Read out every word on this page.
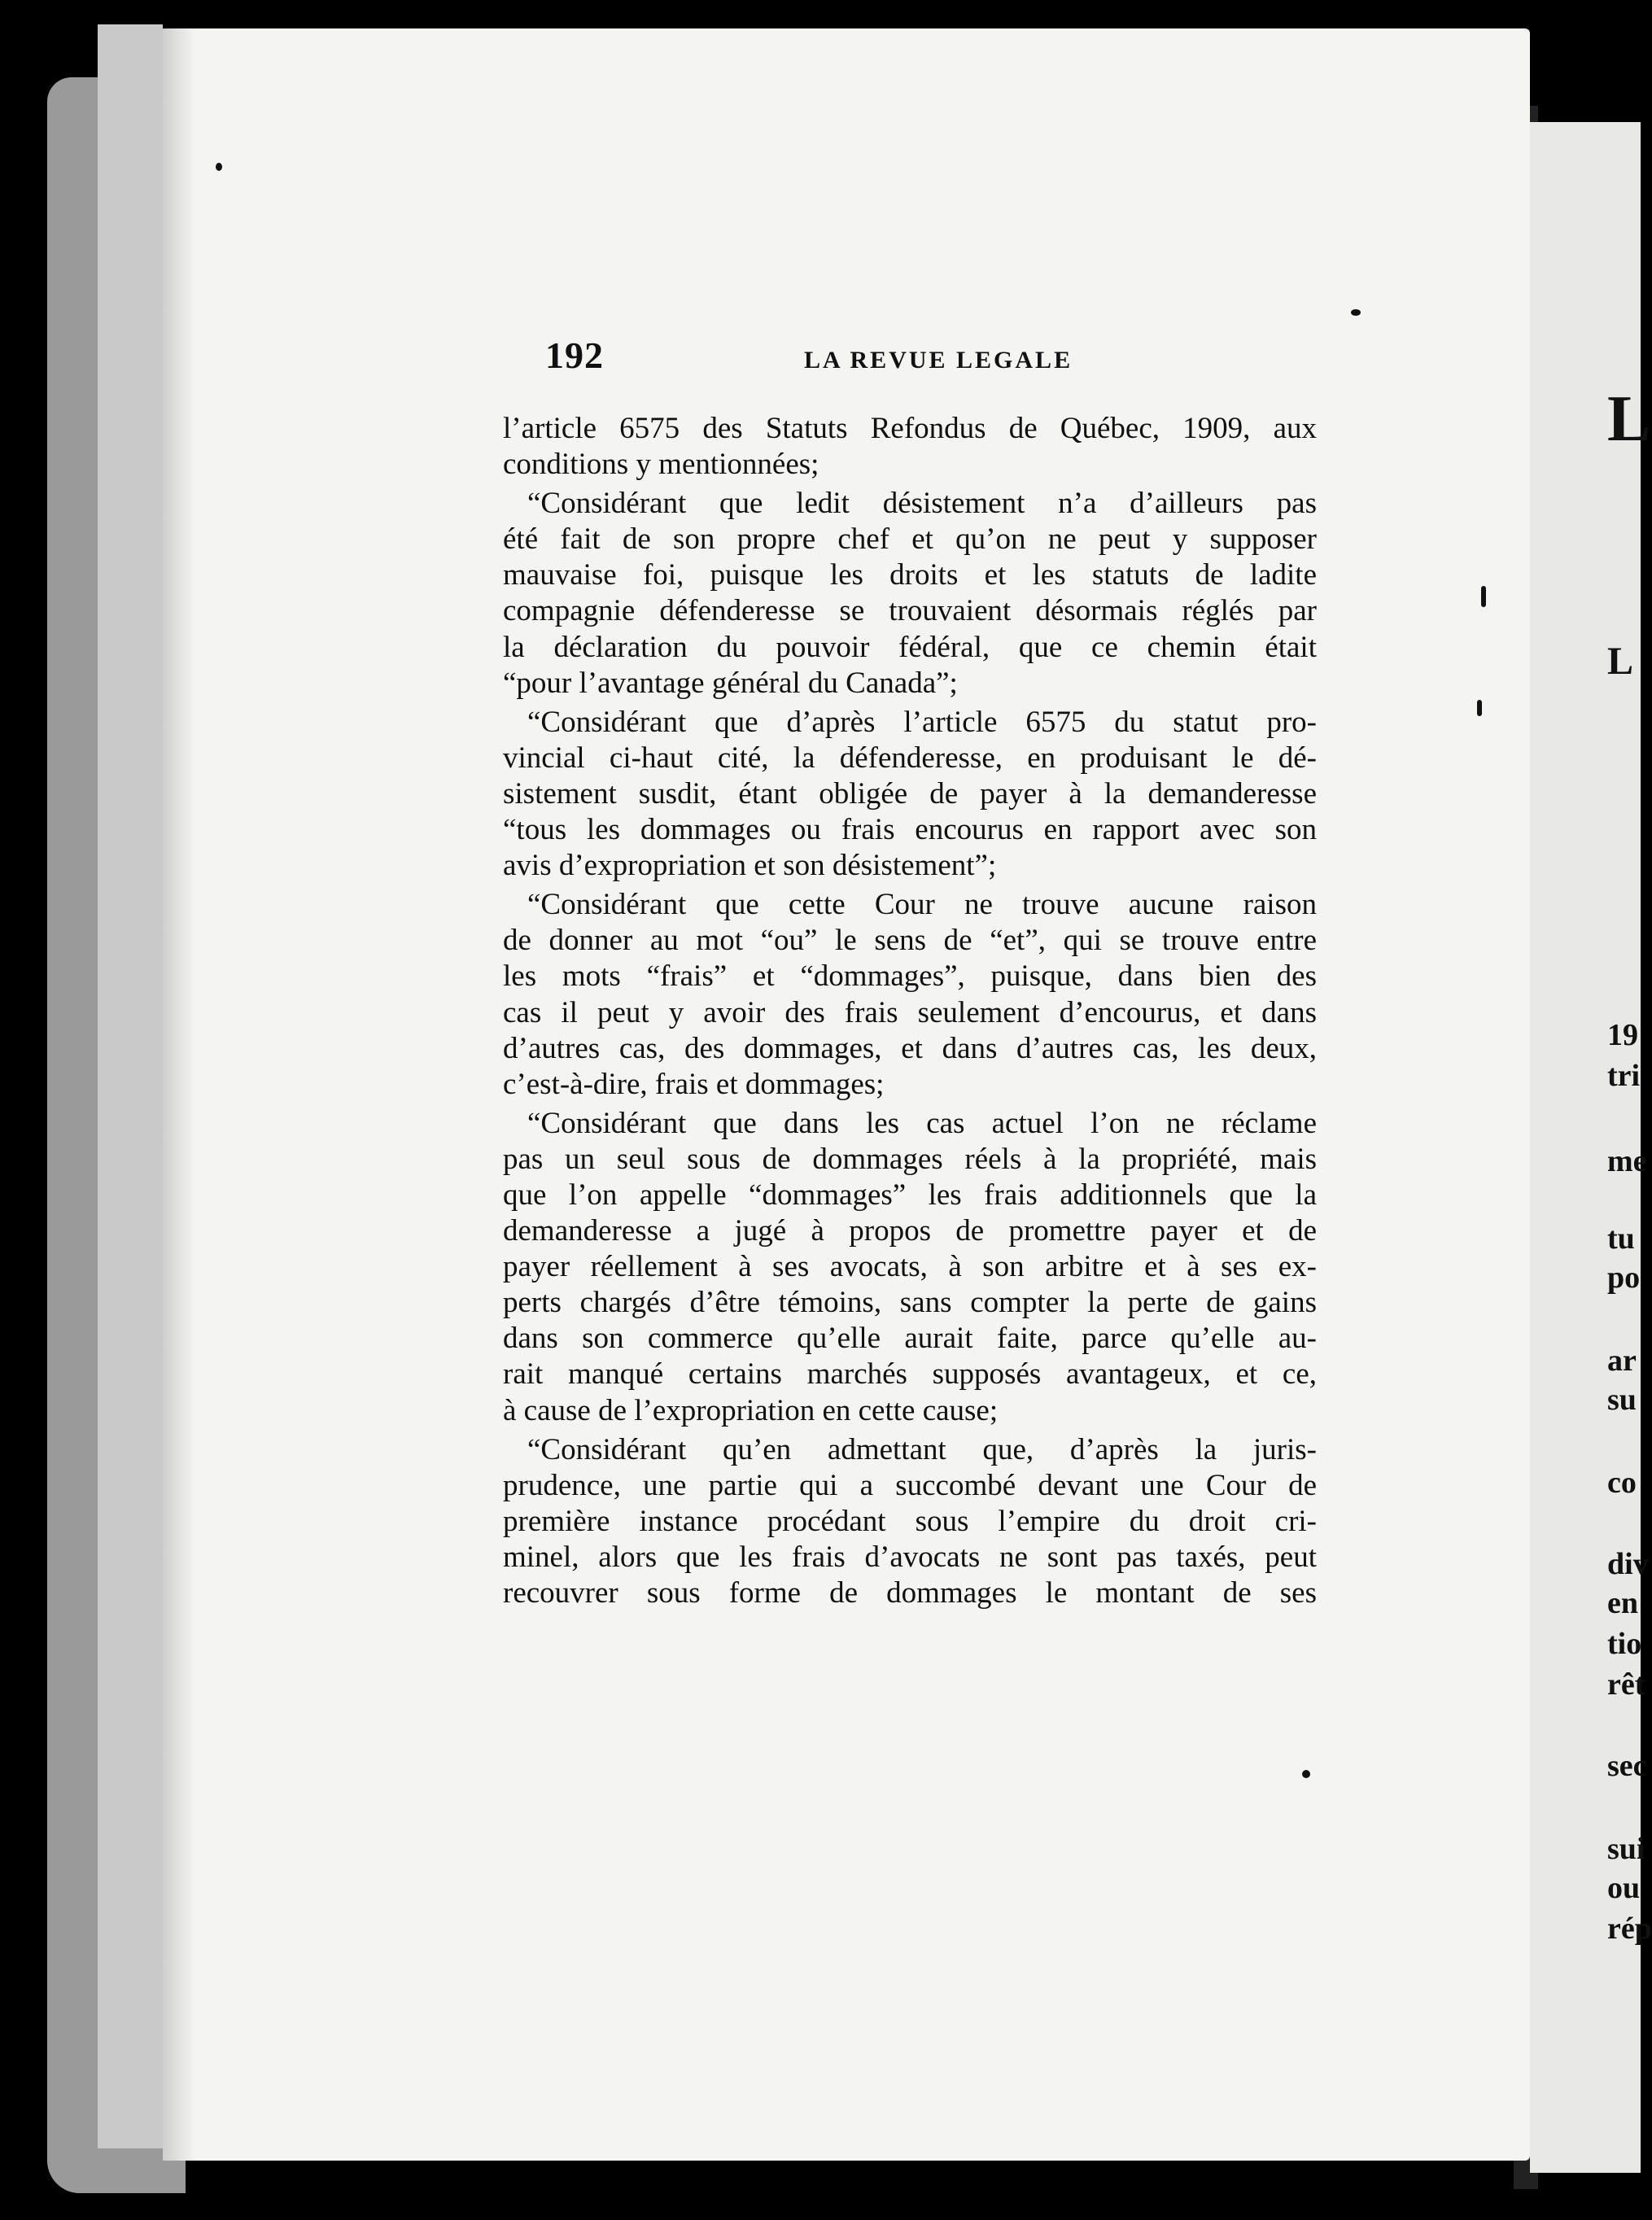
L
L
19
tri
me
tu
po
ar
su
co
div
en
tio
rêt
sec
sui
ou
rép
192	LA REVUE LEGALE
l’article 6575 des Statuts Refondus de Québec, 1909, aux
conditions y mentionnées;
“Considérant que ledit désistement n’a d’ailleurs pas
été fait de son propre chef et qu’on ne peut y supposer
mauvaise foi, puisque les droits et les statuts de ladite
compagnie défenderesse se trouvaient désormais réglés par
la déclaration du pouvoir fédéral, que ce chemin était
“pour l’avantage général du Canada”;
“Considérant que d’après l’article 6575 du statut pro-
vincial ci-haut cité, la défenderesse, en produisant le dé-
sistement susdit, étant obligée de payer à la demanderesse
“tous les dommages ou frais encourus en rapport avec son
avis d’expropriation et son désistement”;
“Considérant que cette Cour ne trouve aucune raison
de donner au mot “ou” le sens de “et”, qui se trouve entre
les mots “frais” et “dommages”, puisque, dans bien des
cas il peut y avoir des frais seulement d’encourus, et dans
d’autres cas, des dommages, et dans d’autres cas, les deux,
c’est-à-dire, frais et dommages;
“Considérant que dans les cas actuel l’on ne réclame
pas un seul sous de dommages réels à la propriété, mais
que l’on appelle “dommages” les frais additionnels que la
demanderesse a jugé à propos de promettre payer et de
payer réellement à ses avocats, à son arbitre et à ses ex-
perts chargés d’être témoins, sans compter la perte de gains
dans son commerce qu’elle aurait faite, parce qu’elle au-
rait manqué certains marchés supposés avantageux, et ce,
à cause de l’expropriation en cette cause;
“Considérant qu’en admettant que, d’après la juris-
prudence, une partie qui a succombé devant une Cour de
première instance procédant sous l’empire du droit cri-
minel, alors que les frais d’avocats ne sont pas taxés, peut
recouvrer sous forme de dommages le montant de ses
